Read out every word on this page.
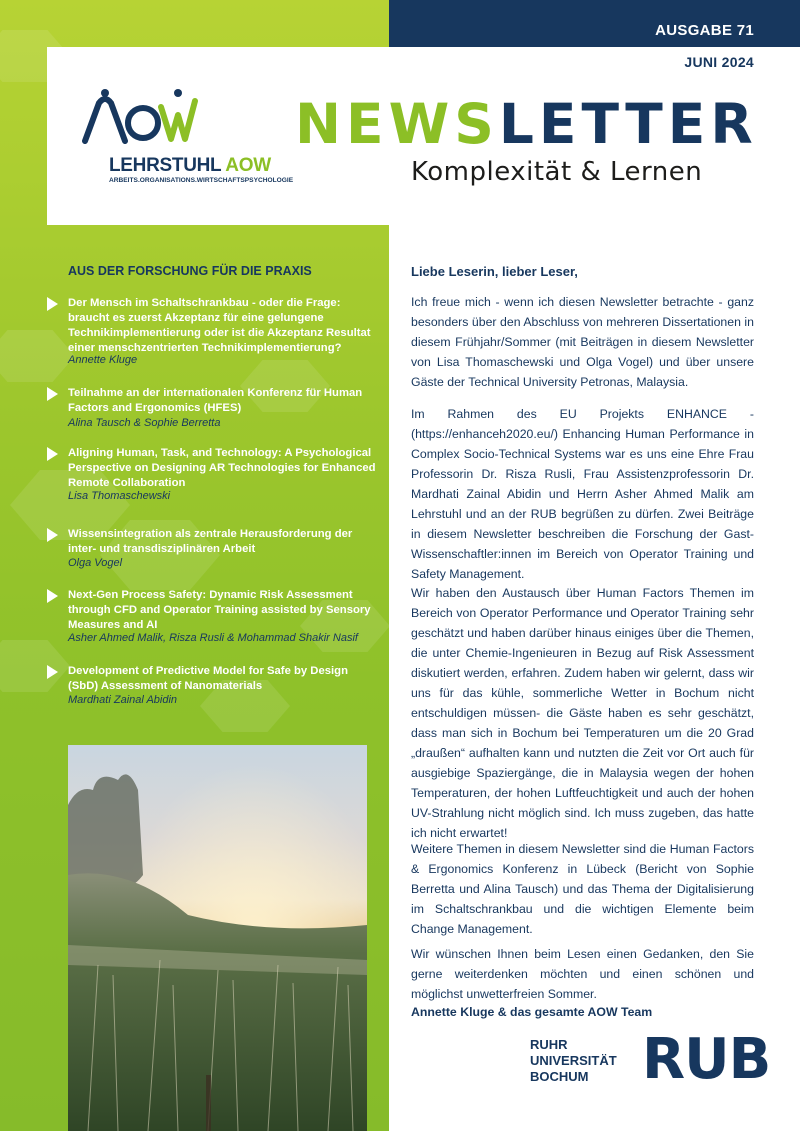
AUSGABE 71
LEHRSTUHL AOW
ARBEITS.ORGANISATIONS.WIRTSCHAFTSPSYCHOLOGIE
NEWSLETTER
Komplexität & Lernen
JUNI 2024
AUS DER FORSCHUNG FÜR DIE PRAXIS
Der Mensch im Schaltschrankbau - oder die Frage: braucht es zuerst Akzeptanz für eine gelungene Technikimplementierung oder ist die Akzeptanz Resultat einer menschzentrierten Technikimplementierung?
Annette Kluge
Teilnahme an der internationalen Konferenz für Human Factors and Ergonomics (HFES)
Alina Tausch & Sophie Berretta
Aligning Human, Task, and Technology: A Psychological Perspective on Designing AR Technologies for Enhanced Remote Collaboration
Lisa Thomaschewski
Wissensintegration als zentrale Herausforderung der inter- und transdisziplinären Arbeit
Olga Vogel
Next-Gen Process Safety: Dynamic Risk Assessment through CFD and Operator Training assisted by Sensory Measures and AI
Asher Ahmed Malik, Risza Rusli & Mohammad Shakir Nasif
Development of Predictive Model for Safe by Design (SbD) Assessment of Nanomaterials
Mardhati Zainal Abidin
Liebe Leserin, lieber Leser,
Ich freue mich - wenn ich diesen Newsletter betrachte - ganz besonders über den Abschluss von mehreren Dissertationen in diesem Frühjahr/Sommer (mit Beiträgen in diesem Newsletter von Lisa Thomaschewski und Olga Vogel) und über unsere Gäste der Technical University Petronas, Malaysia.
Im Rahmen des EU Projekts ENHANCE - (https://enhanceh2020.eu/) Enhancing Human Performance in Complex Socio-Technical Systems war es uns eine Ehre Frau Professorin Dr. Risza Rusli, Frau Assistenzprofessorin Dr. Mardhati Zainal Abidin und Herrn Asher Ahmed Malik am Lehrstuhl und an der RUB begrüßen zu dürfen. Zwei Beiträge in diesem Newsletter beschreiben die Forschung der Gast-Wissenschaftler:innen im Bereich von Operator Training und Safety Management.
Wir haben den Austausch über Human Factors Themen im Bereich von Operator Performance und Operator Training sehr geschätzt und haben darüber hinaus einiges über die Themen, die unter Chemie-Ingenieuren in Bezug auf Risk Assessment diskutiert werden, erfahren. Zudem haben wir gelernt, dass wir uns für das kühle, sommerliche Wetter in Bochum nicht entschuldigen müssen- die Gäste haben es sehr geschätzt, dass man sich in Bochum bei Temperaturen um die 20 Grad „draußen“ aufhalten kann und nutzten die Zeit vor Ort auch für ausgiebige Spaziergänge, die in Malaysia wegen der hohen Temperaturen, der hohen Luftfeuchtigkeit und auch der hohen UV-Strahlung nicht möglich sind. Ich muss zugeben, das hatte ich nicht erwartet!
Weitere Themen in diesem Newsletter sind die Human Factors & Ergonomics Konferenz in Lübeck (Bericht von Sophie Berretta und Alina Tausch) und das Thema der Digitalisierung im Schaltschrankbau und die wichtigen Elemente beim Change Management.
Wir wünschen Ihnen beim Lesen einen Gedanken, den Sie gerne weiterdenken möchten und einen schönen und möglichst unwetterfreien Sommer.
Annette Kluge & das gesamte AOW Team
RUHR
UNIVERSITÄT
BOCHUM RUB
